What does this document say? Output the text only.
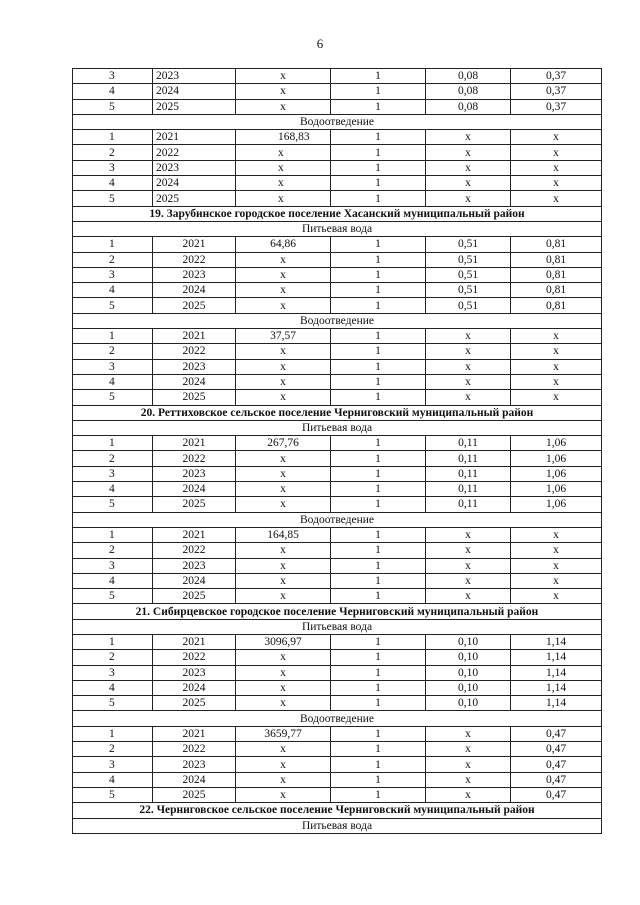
6
3	2023	х	1	0,08	0,37
4	2024	х	1	0,08	0,37
5	2025	х	1	0,08	0,37
Водоотведение					
1	2021	168,83	1	х	х
2	2022	х	1	х	х
3	2023	х	1	х	х
4	2024	х	1	х	х
5	2025	х	1	х	х
19. Зарубинское городское поселение Хасанский муниципальный район					
Питьевая вода					
1	2021	64,86	1	0,51	0,81
2	2022	х	1	0,51	0,81
3	2023	х	1	0,51	0,81
4	2024	х	1	0,51	0,81
5	2025	х	1	0,51	0,81
Водоотведение					
1	2021	37,57	1	х	х
2	2022	х	1	х	х
3	2023	х	1	х	х
4	2024	х	1	х	х
5	2025	х	1	х	х
20. Реттиховское сельское поселение Черниговский муниципальный район					
Питьевая вода					
1	2021	267,76	1	0,11	1,06
2	2022	х	1	0,11	1,06
3	2023	х	1	0,11	1,06
4	2024	х	1	0,11	1,06
5	2025	х	1	0,11	1,06
Водоотведение					
1	2021	164,85	1	х	х
2	2022	х	1	х	х
3	2023	х	1	х	х
4	2024	х	1	х	х
5	2025	х	1	х	х
21. Сибирцевское городское поселение Черниговский муниципальный район					
Питьевая вода					
1	2021	3096,97	1	0,10	1,14
2	2022	х	1	0,10	1,14
3	2023	х	1	0,10	1,14
4	2024	х	1	0,10	1,14
5	2025	х	1	0,10	1,14
Водоотведение					
1	2021	3659,77	1	х	0,47
2	2022	х	1	х	0,47
3	2023	х	1	х	0,47
4	2024	х	1	х	0,47
5	2025	х	1	х	0,47
22. Черниговское сельское поселение Черниговский муниципальный район					
Питьевая вода					
